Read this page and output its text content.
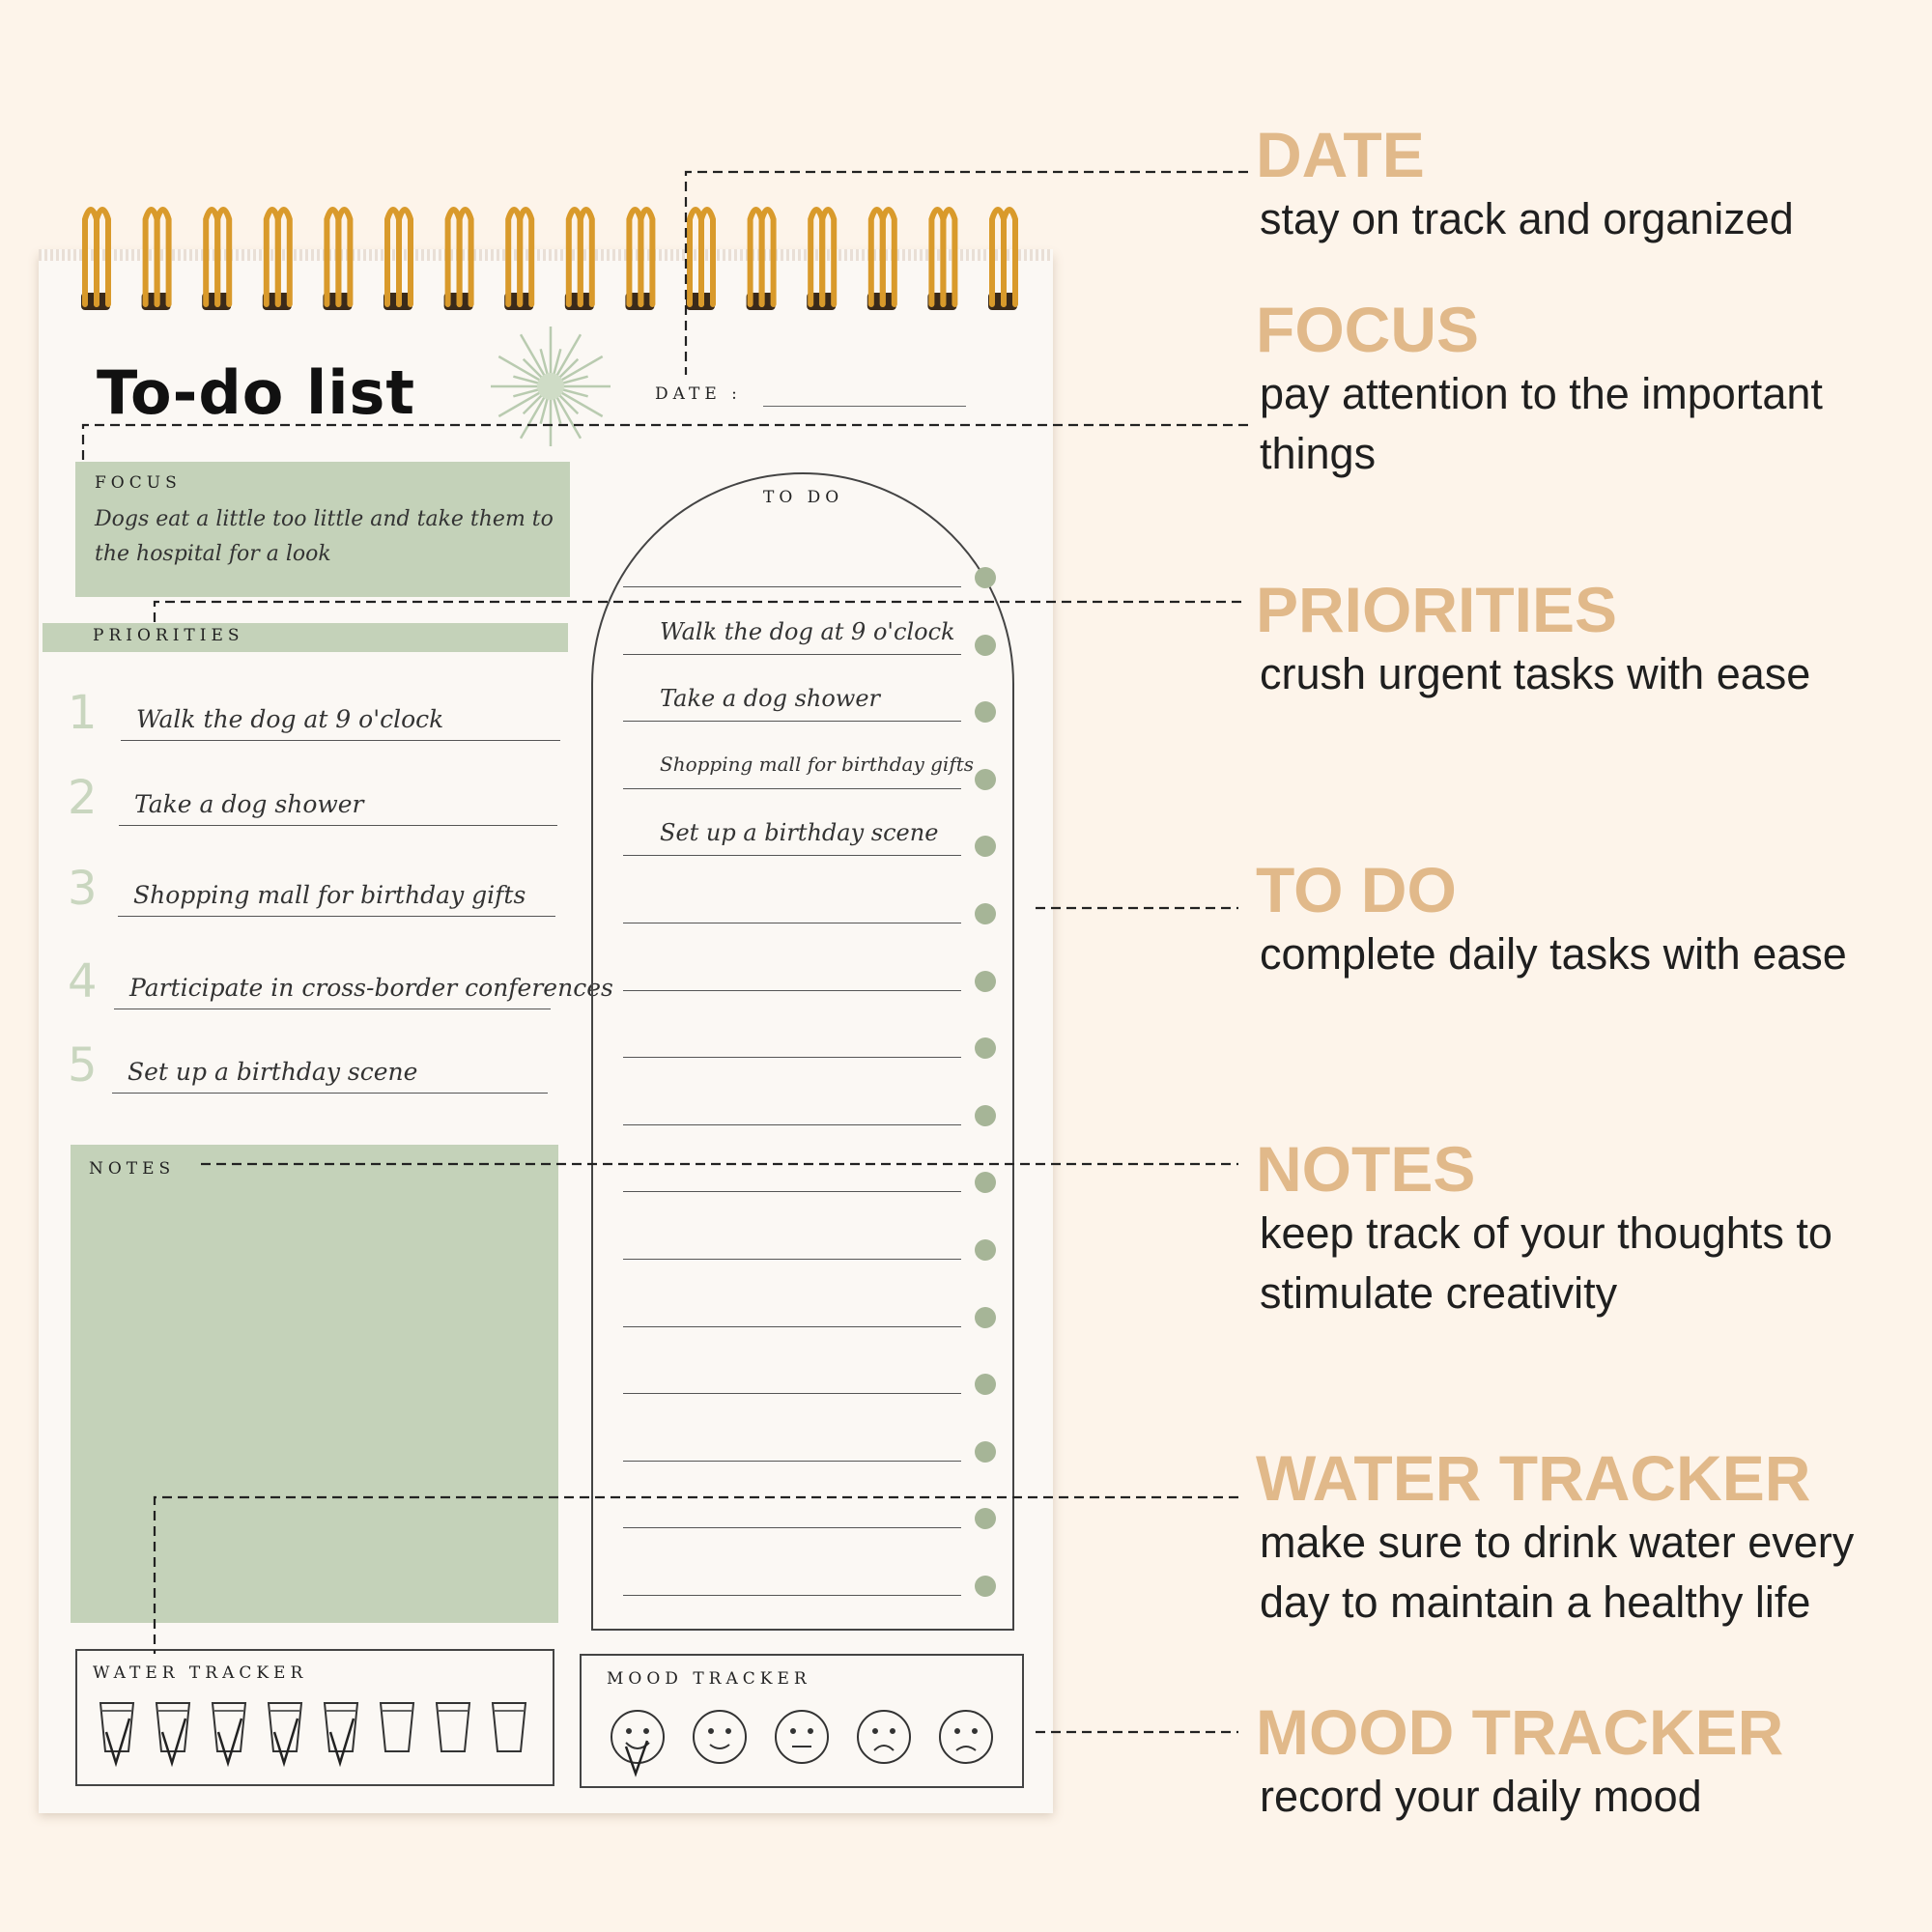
To-do list	DATE :
FOCUS
Dogs eat a little too little and take them to the hospital for a look
PRIORITIES
1 Walk the dog at 9 o'clock
2 Take a dog shower
3 Shopping mall for birthday gifts
4 Participate in cross-border conferences
5 Set up a birthday scene
TO DO
Walk the dog at 9 o'clock
Take a dog shower
Shopping mall for birthday gifts
Set up a birthday scene
NOTES
WATER TRACKER	MOOD TRACKER
DATE
stay on track and organized
FOCUS
pay attention to the important things
PRIORITIES
crush urgent tasks with ease
TO DO
complete daily tasks with ease
NOTES
keep track of your thoughts to stimulate creativity
WATER TRACKER
make sure to drink water every day to maintain a healthy life
MOOD TRACKER
record your daily mood
